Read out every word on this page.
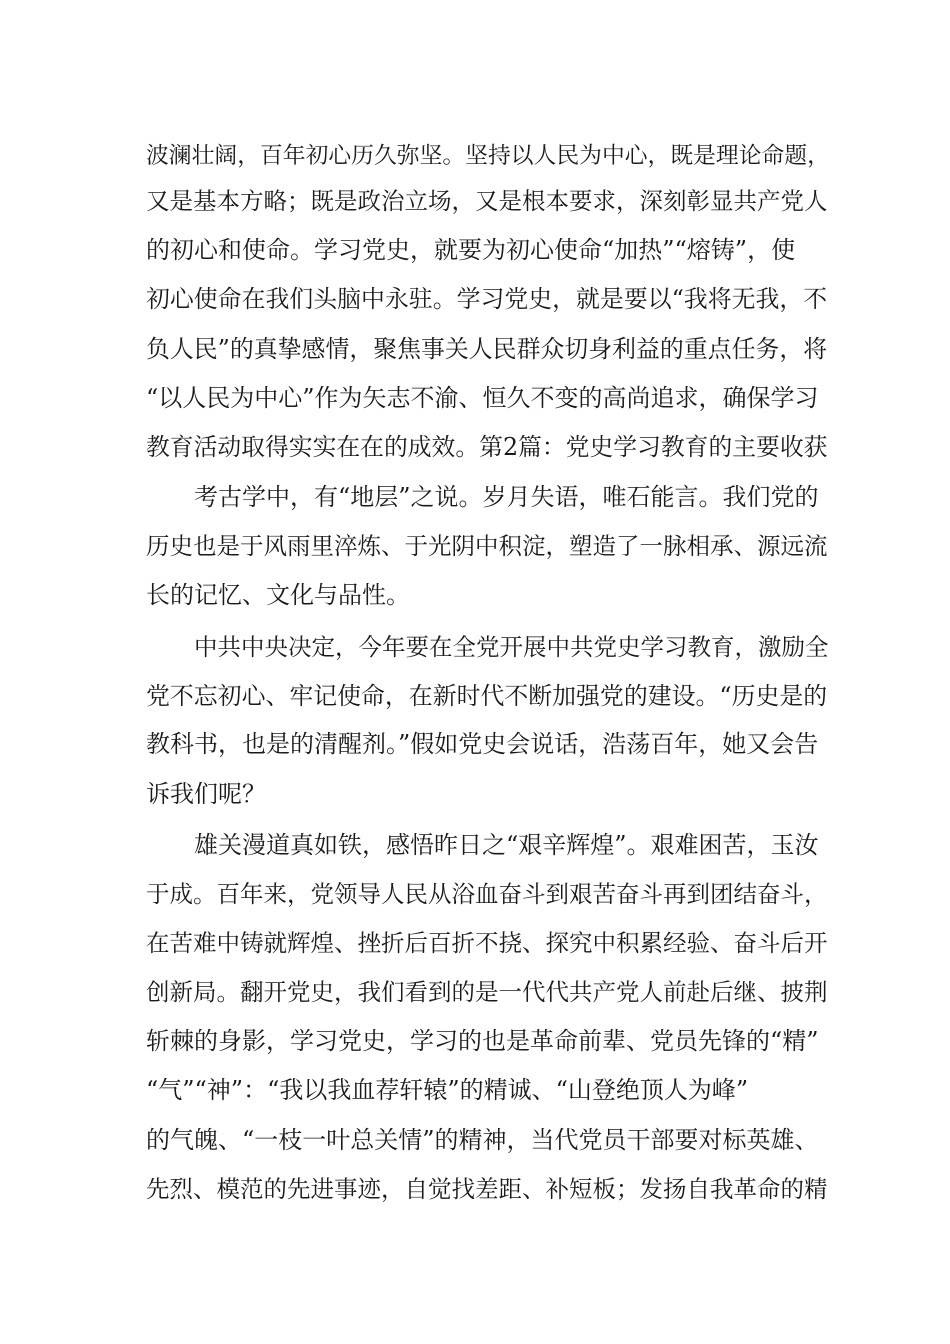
波澜壮阔，百年初心历久弥坚。坚持以人民为中心，既是理论命题，
又是基本方略；既是政治立场，又是根本要求，深刻彰显共产党人
的初心和使命。学习党史，就要为初心使命“加热”“熔铸”，使
初心使命在我们头脑中永驻。学习党史，就是要以“我将无我，不
负人民”的真挚感情，聚焦事关人民群众切身利益的重点任务，将
“以人民为中心”作为矢志不渝、恒久不变的高尚追求，确保学习
教育活动取得实实在在的成效。第2篇：党史学习教育的主要收获
考古学中，有“地层”之说。岁月失语，唯石能言。我们党的
历史也是于风雨里淬炼、于光阴中积淀，塑造了一脉相承、源远流
长的记忆、文化与品性。
中共中央决定，今年要在全党开展中共党史学习教育，激励全
党不忘初心、牢记使命，在新时代不断加强党的建设。“历史是的
教科书，也是的清醒剂。”假如党史会说话，浩荡百年，她又会告
诉我们呢？
雄关漫道真如铁，感悟昨日之“艰辛辉煌”。艰难困苦，玉汝
于成。百年来，党领导人民从浴血奋斗到艰苦奋斗再到团结奋斗，
在苦难中铸就辉煌、挫折后百折不挠、探究中积累经验、奋斗后开
创新局。翻开党史，我们看到的是一代代共产党人前赴后继、披荆
斩棘的身影，学习党史，学习的也是革命前辈、党员先锋的“精”
“气”“神”：“我以我血荐轩辕”的精诚、“山登绝顶人为峰”
的气魄、“一枝一叶总关情”的精神，当代党员干部要对标英雄、
先烈、模范的先进事迹，自觉找差距、补短板；发扬自我革命的精
